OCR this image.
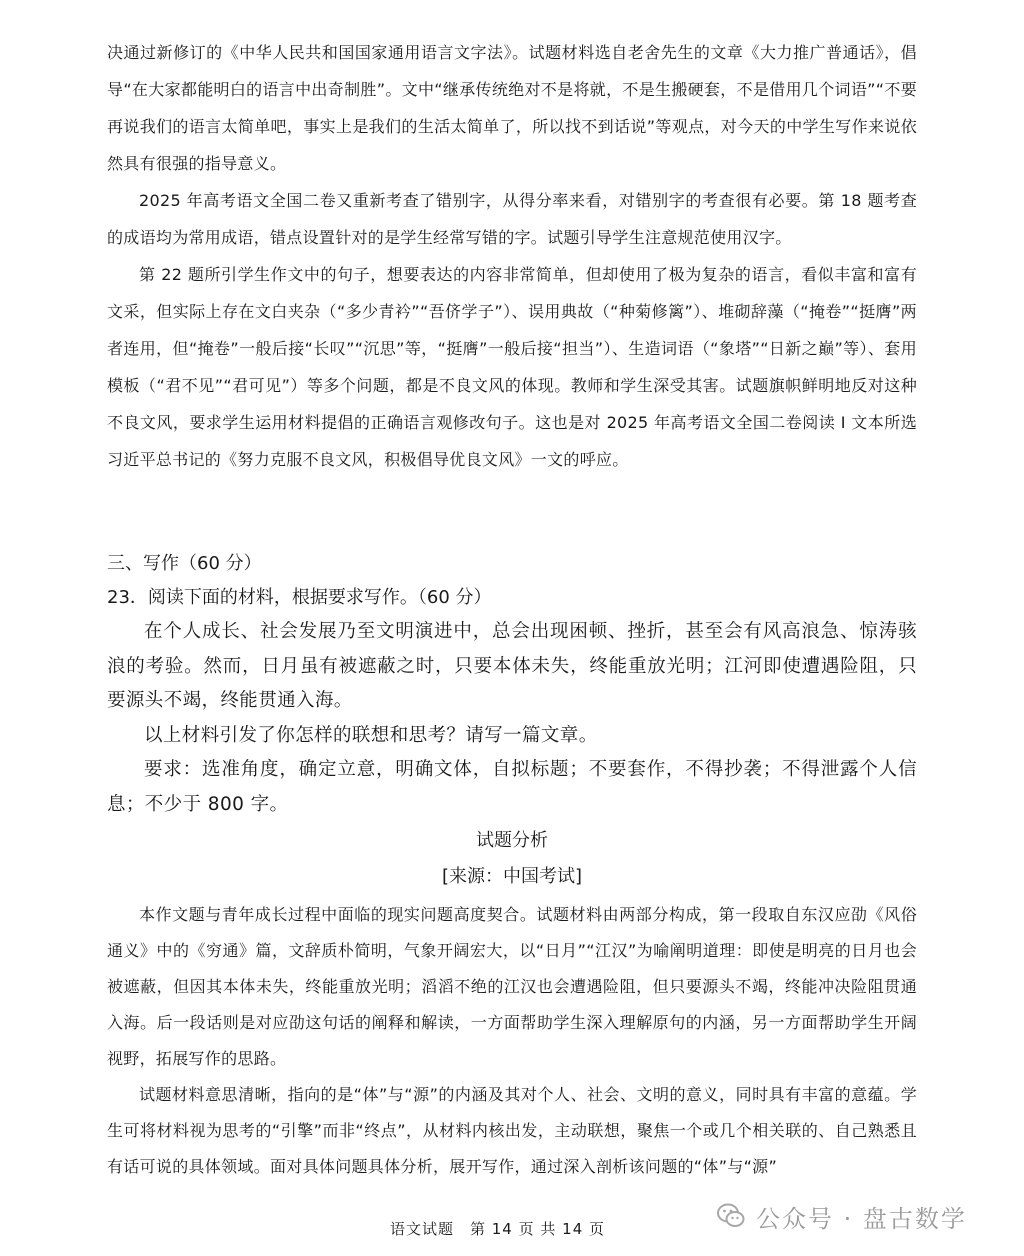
决通过新修订的《中华人民共和国国家通用语言文字法》。试题材料选自老舍先生的文章《大力推广普通话》，倡导“在大家都能明白的语言中出奇制胜”。文中“继承传统绝对不是将就，不是生搬硬套，不是借用几个词语”“不要再说我们的语言太简单吧，事实上是我们的生活太简单了，所以找不到话说”等观点，对今天的中学生写作来说依然具有很强的指导意义。

2025 年高考语文全国二卷又重新考查了错别字，从得分率来看，对错别字的考查很有必要。第 18 题考查的成语均为常用成语，错点设置针对的是学生经常写错的字。试题引导学生注意规范使用汉字。

第 22 题所引学生作文中的句子，想要表达的内容非常简单，但却使用了极为复杂的语言，看似丰富和富有文采，但实际上存在文白夹杂（“多少青衿”“吾侪学子”）、误用典故（“种菊修篱”）、堆砌辞藻（“掩卷”“挺膺”两者连用，但“掩卷”一般后接“长叹”“沉思”等，“挺膺”一般后接“担当”）、生造词语（“象塔”“日新之巅”等）、套用模板（“君不见”“君可见”）等多个问题，都是不良文风的体现。教师和学生深受其害。试题旗帜鲜明地反对这种不良文风，要求学生运用材料提倡的正确语言观修改句子。这也是对 2025 年高考语文全国二卷阅读 I 文本所选习近平总书记的《努力克服不良文风，积极倡导优良文风》一文的呼应。

三、写作（60 分）

23．阅读下面的材料，根据要求写作。（60 分）

在个人成长、社会发展乃至文明演进中，总会出现困顿、挫折，甚至会有风高浪急、惊涛骇浪的考验。然而，日月虽有被遮蔽之时，只要本体未失，终能重放光明；江河即使遭遇险阻，只要源头不竭，终能贯通入海。

以上材料引发了你怎样的联想和思考？请写一篇文章。

要求：选准角度，确定立意，明确文体，自拟标题；不要套作，不得抄袭；不得泄露个人信息；不少于 800 字。

试题分析

[来源：中国考试]

本作文题与青年成长过程中面临的现实问题高度契合。试题材料由两部分构成，第一段取自东汉应劭《风俗通义》中的《穷通》篇，文辞质朴简明，气象开阔宏大，以“日月”“江汉”为喻阐明道理：即使是明亮的日月也会被遮蔽，但因其本体未失，终能重放光明；滔滔不绝的江汉也会遭遇险阻，但只要源头不竭，终能冲决险阻贯通入海。后一段话则是对应劭这句话的阐释和解读，一方面帮助学生深入理解原句的内涵，另一方面帮助学生开阔视野，拓展写作的思路。

试题材料意思清晰，指向的是“体”与“源”的内涵及其对个人、社会、文明的意义，同时具有丰富的意蕴。学生可将材料视为思考的“引擎”而非“终点”，从材料内核出发，主动联想，聚焦一个或几个相关联的、自己熟悉且有话可说的具体领域。面对具体问题具体分析，展开写作，通过深入剖析该问题的“体”与“源”

语文试题　第 14 页 共 14 页	公众号 · 盘古数学
